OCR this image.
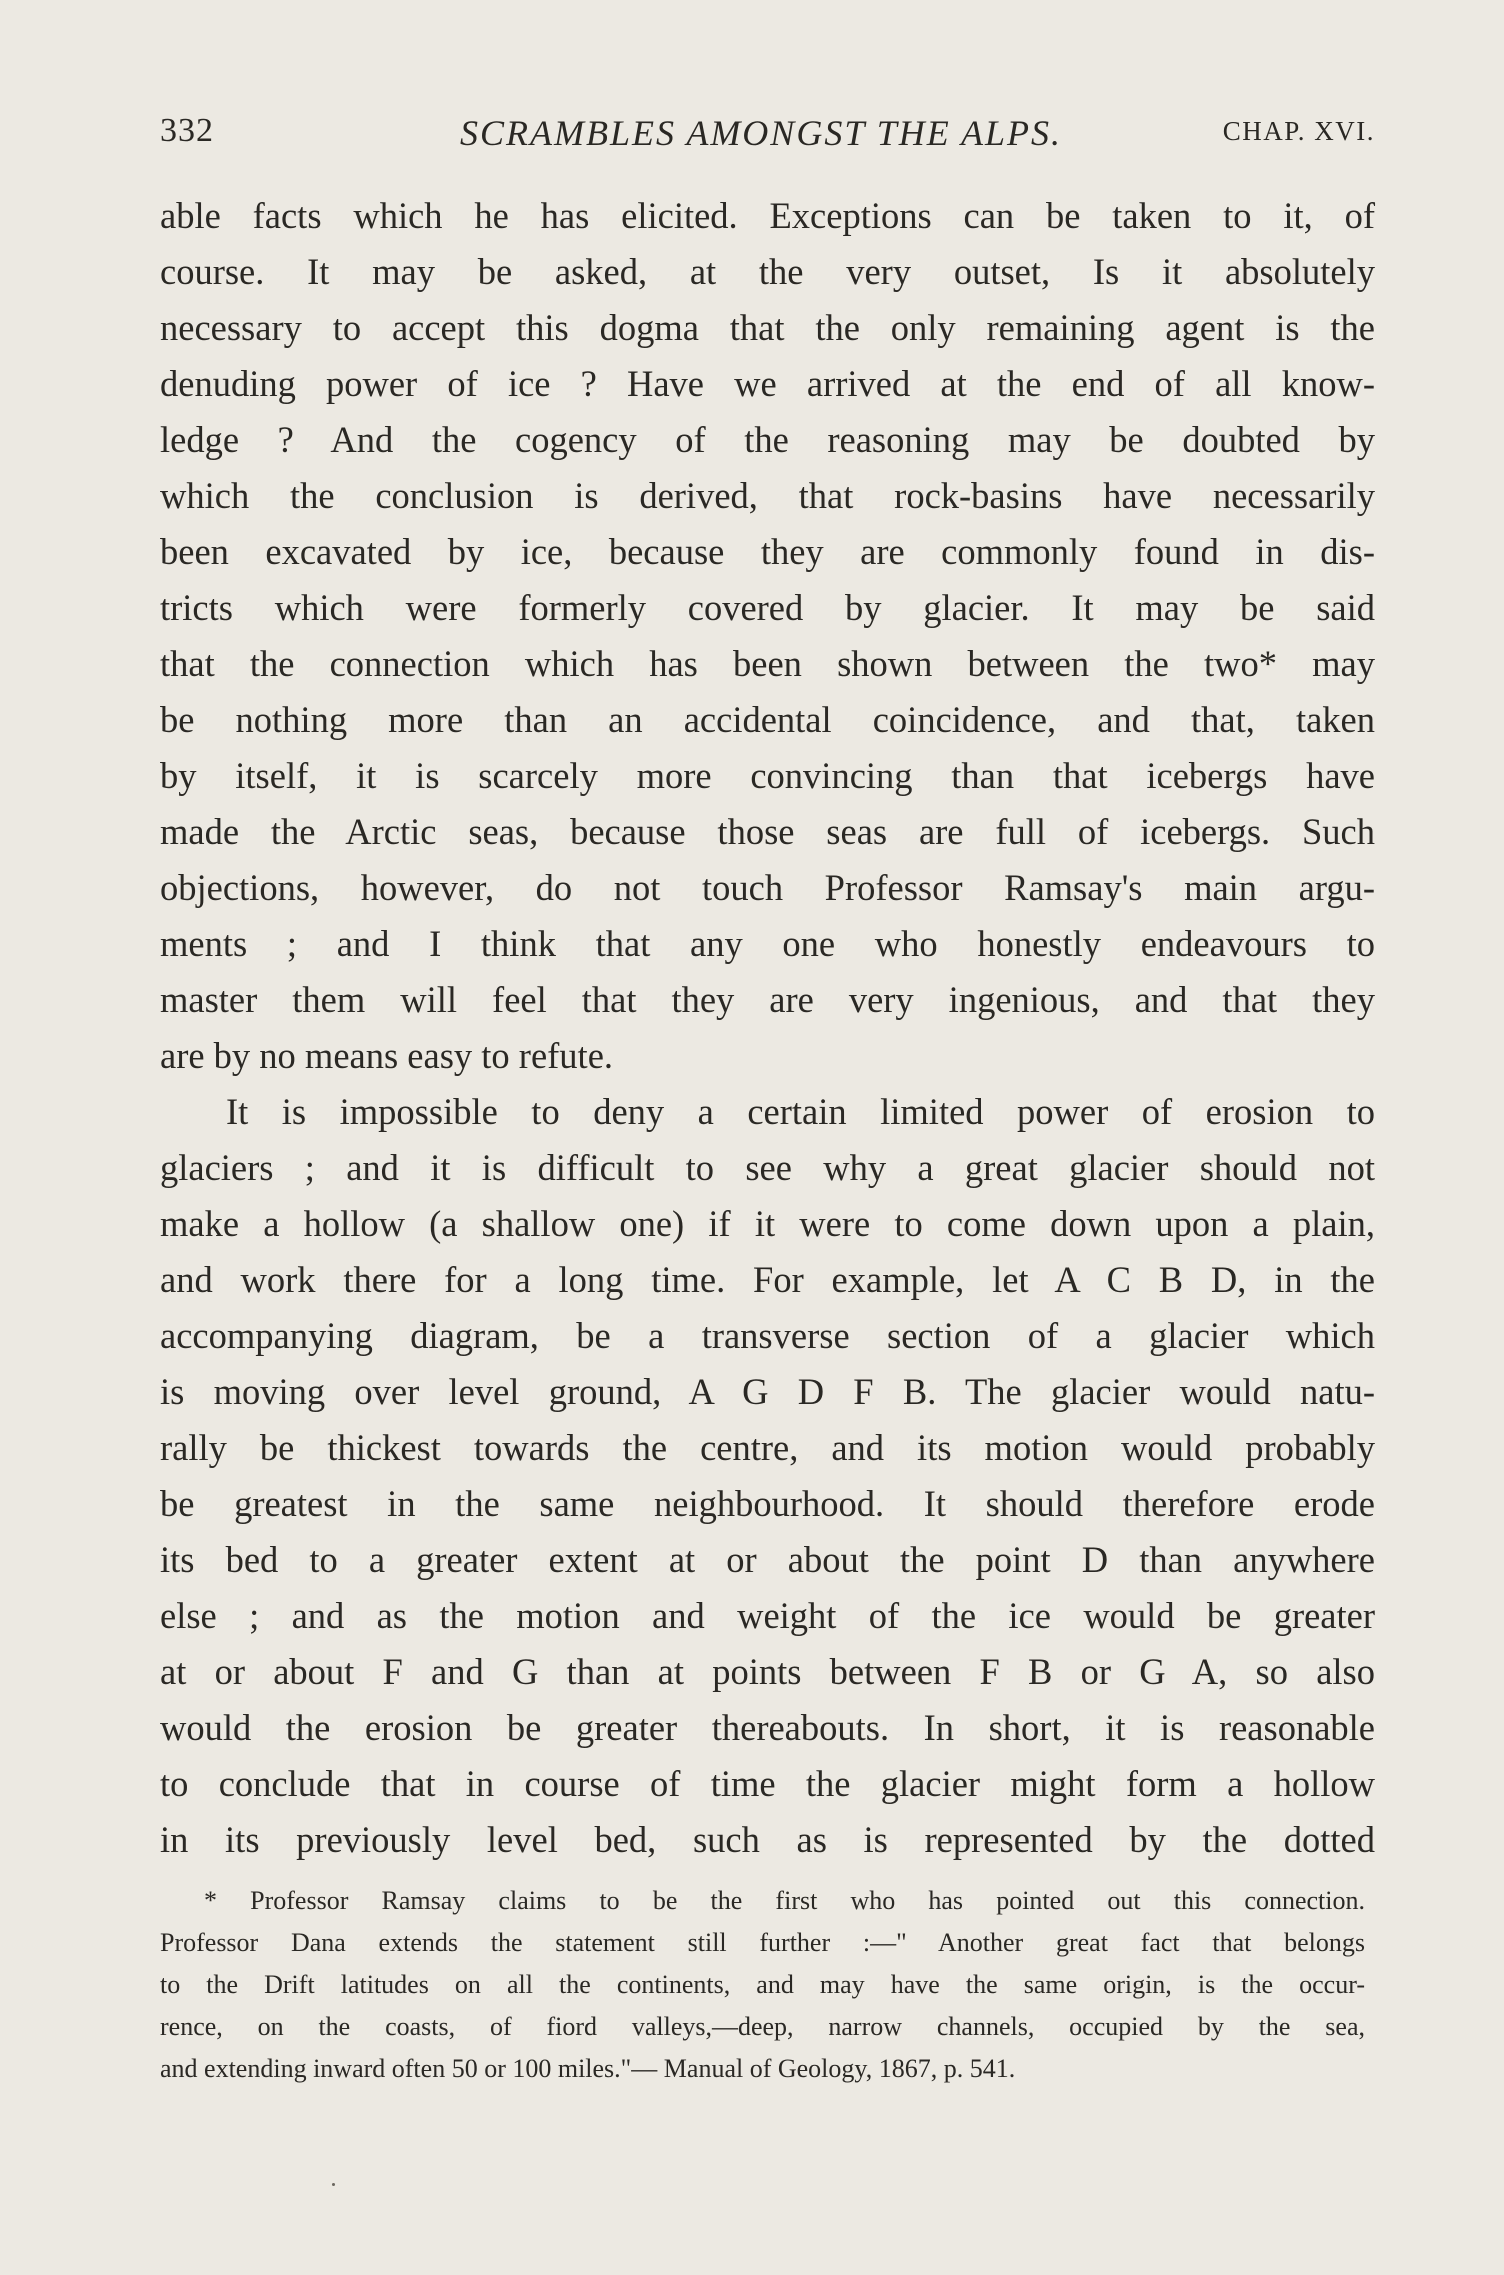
332	SCRAMBLES AMONGST THE ALPS.	CHAP. XVI.
able facts which he has elicited. Exceptions can be taken to it, of
course. It may be asked, at the very outset, Is it absolutely
necessary to accept this dogma that the only remaining agent is the
denuding power of ice ? Have we arrived at the end of all know-
ledge ? And the cogency of the reasoning may be doubted by
which the conclusion is derived, that rock-basins have necessarily
been excavated by ice, because they are commonly found in dis-
tricts which were formerly covered by glacier. It may be said
that the connection which has been shown between the two* may
be nothing more than an accidental coincidence, and that, taken
by itself, it is scarcely more convincing than that icebergs have
made the Arctic seas, because those seas are full of icebergs. Such
objections, however, do not touch Professor Ramsay's main argu-
ments ; and I think that any one who honestly endeavours to
master them will feel that they are very ingenious, and that they
are by no means easy to refute.
It is impossible to deny a certain limited power of erosion to
glaciers ; and it is difficult to see why a great glacier should not
make a hollow (a shallow one) if it were to come down upon a plain,
and work there for a long time. For example, let A C B D, in the
accompanying diagram, be a transverse section of a glacier which
is moving over level ground, A G D F B. The glacier would natu-
rally be thickest towards the centre, and its motion would probably
be greatest in the same neighbourhood. It should therefore erode
its bed to a greater extent at or about the point D than anywhere
else ; and as the motion and weight of the ice would be greater
at or about F and G than at points between F B or G A, so also
would the erosion be greater thereabouts. In short, it is reasonable
to conclude that in course of time the glacier might form a hollow
in its previously level bed, such as is represented by the dotted
* Professor Ramsay claims to be the first who has pointed out this connection.
Professor Dana extends the statement still further :—" Another great fact that belongs
to the Drift latitudes on all the continents, and may have the same origin, is the occur-
rence, on the coasts, of fiord valleys,—deep, narrow channels, occupied by the sea,
and extending inward often 50 or 100 miles."— Manual of Geology, 1867, p. 541.
